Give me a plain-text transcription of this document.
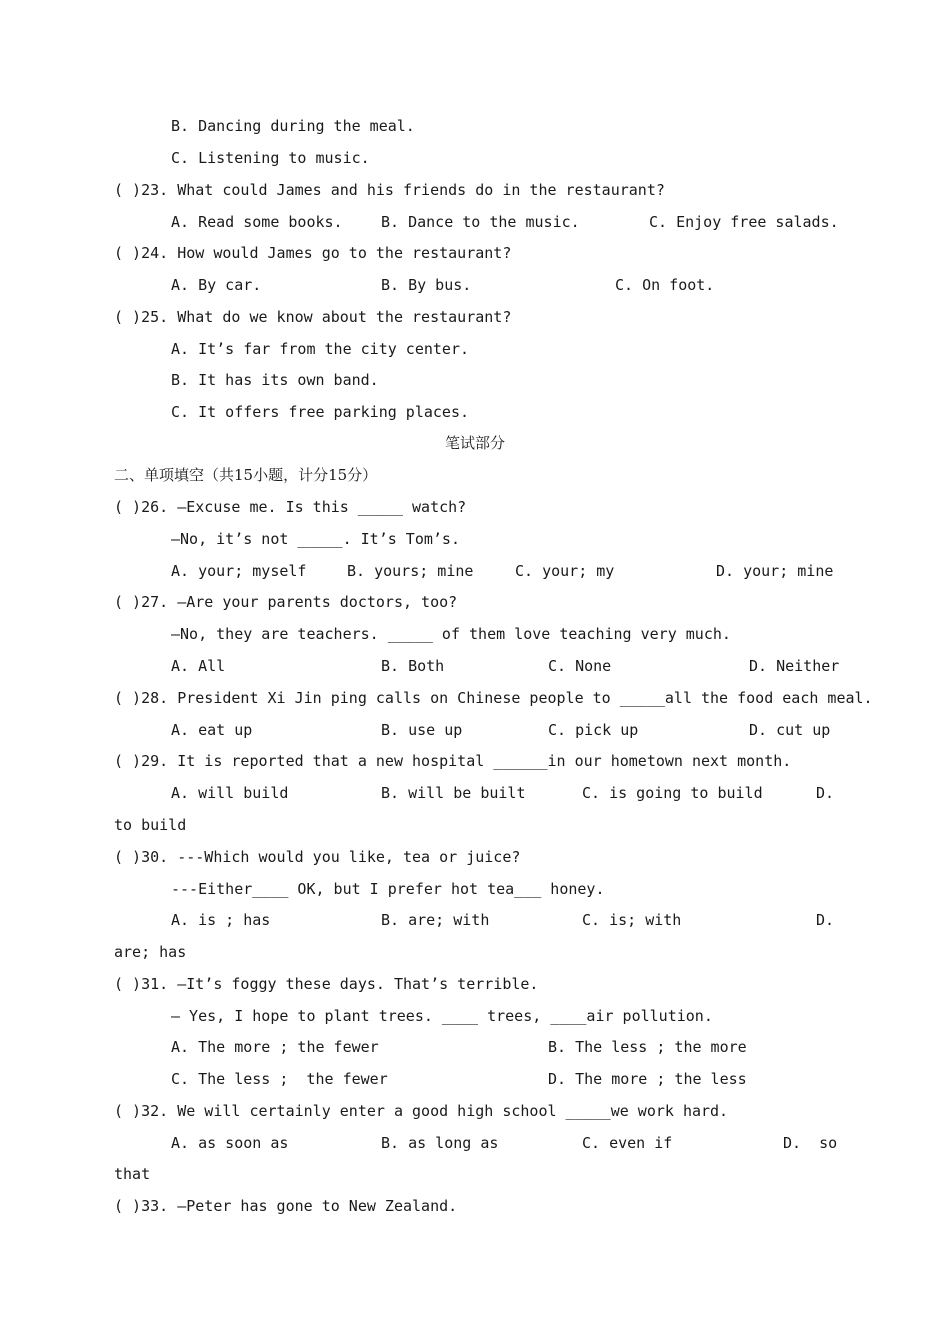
B. Dancing during the meal.
C. Listening to music.
( )23. What could James and his friends do in the restaurant?
A. Read some books.	B. Dance to the music.	C. Enjoy free salads.
( )24. How would James go to the restaurant?
A. By car.	B. By bus.	C. On foot.
( )25. What do we know about the restaurant?
A. It’s far from the city center.
B. It has its own band.
C. It offers free parking places.
笔试部分
二、单项填空（共15小题，计分15分）
( )26. —Excuse me. Is this _____ watch?
—No, it’s not _____. It’s Tom’s.
A. your; myself	B. yours; mine	C. your; my	D. your; mine
( )27. —Are your parents doctors, too?
—No, they are teachers. _____ of them love teaching very much.
A. All	B. Both	C. None	D. Neither
( )28. President Xi Jin ping calls on Chinese people to _____all the food each meal.
A. eat up	B. use up	C. pick up	D. cut up
( )29. It is reported that a new hospital ______in our hometown next month.
A. will build	B. will be built	C. is going to build	D.
to build
( )30. ---Which would you like, tea or juice?
---Either____ OK, but I prefer hot tea___ honey.
A. is ; has	B. are; with	C. is; with	D.
are; has
( )31. —It’s foggy these days. That’s terrible.
— Yes, I hope to plant trees. ____ trees, ____air pollution.
A. The more ; the fewer	B. The less ; the more
C. The less ;  the fewer	D. The more ; the less
( )32. We will certainly enter a good high school _____we work hard.
A. as soon as	B. as long as	C. even if	D.  so
that
( )33. —Peter has gone to New Zealand.
